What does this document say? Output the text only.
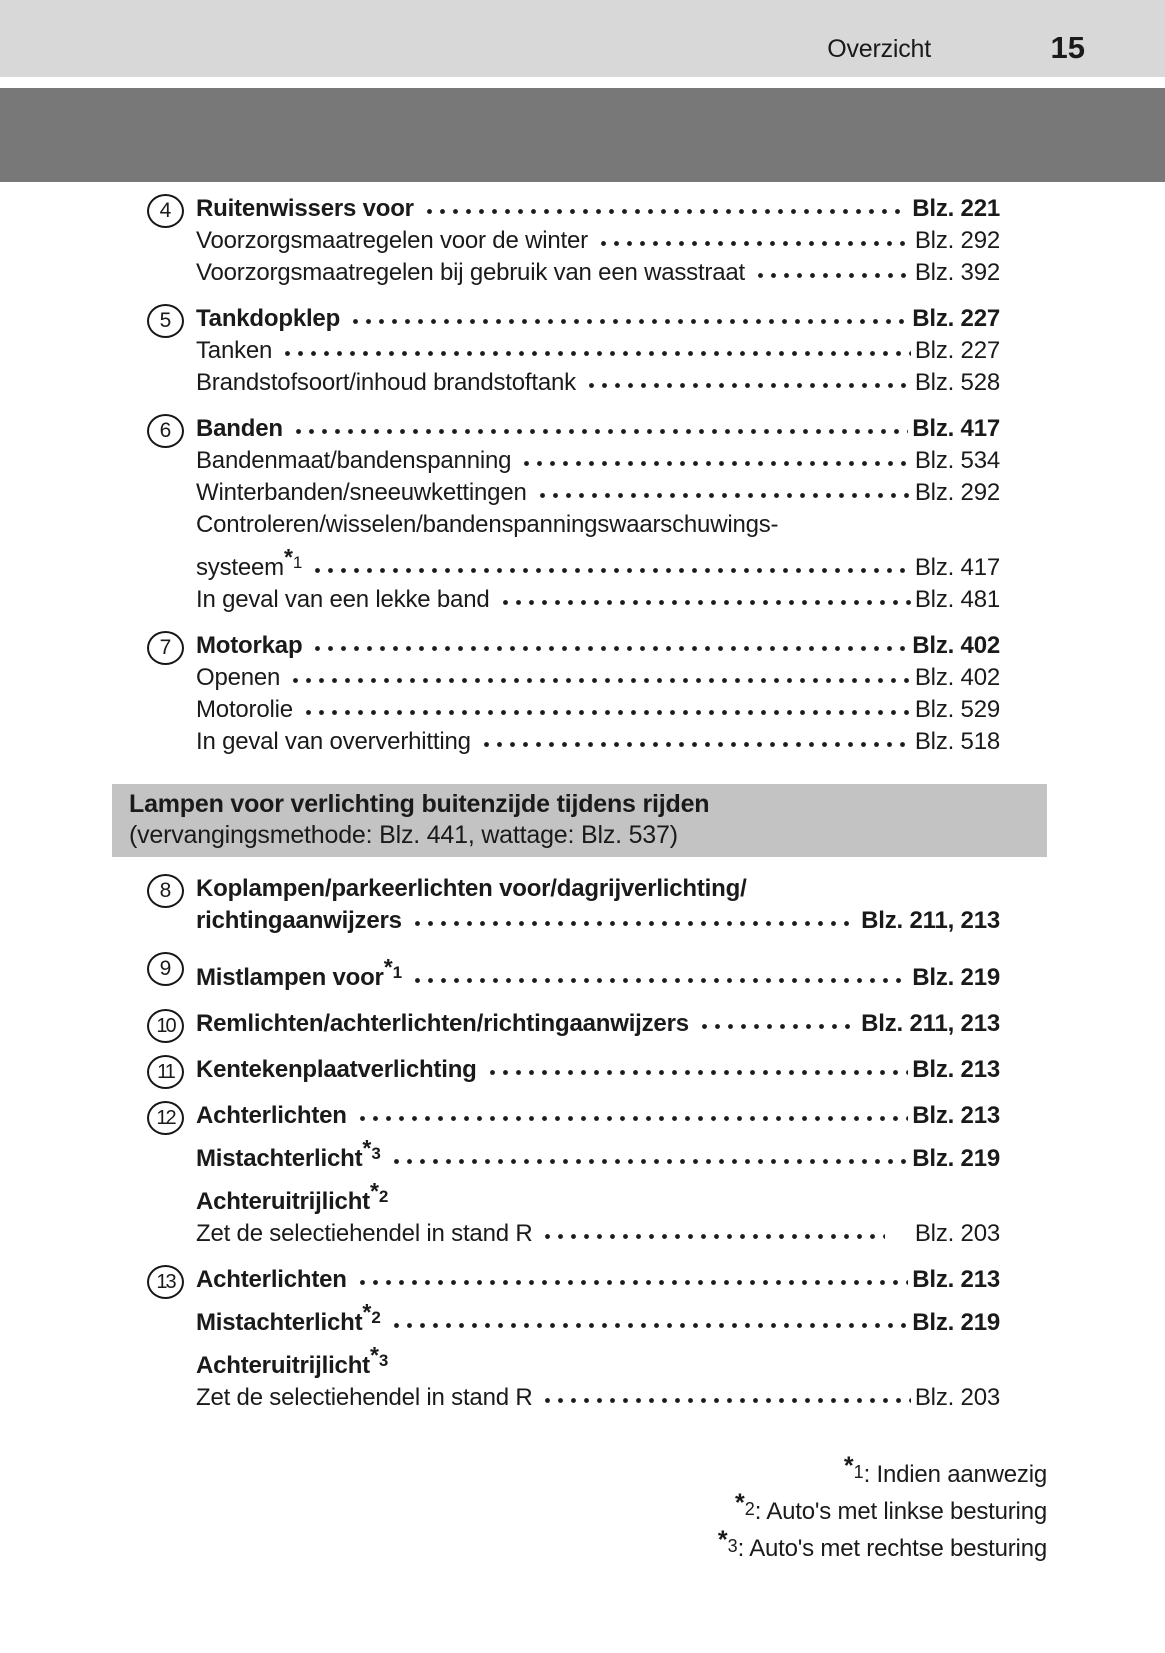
Overzicht	15
4	Ruitenwissers voor	Blz. 221
Voorzorgsmaatregelen voor de winter	Blz. 292
Voorzorgsmaatregelen bij gebruik van een wasstraat	Blz. 392
5	Tankdopklep	Blz. 227
Tanken	Blz. 227
Brandstofsoort/inhoud brandstoftank	Blz. 528
6	Banden	Blz. 417
Bandenmaat/bandenspanning	Blz. 534
Winterbanden/sneeuwkettingen	Blz. 292
Controleren/wisselen/bandenspanningswaarschuwings-
systeem *$^1$	Blz. 417
In geval van een lekke band	Blz. 481
7	Motorkap	Blz. 402
Openen	Blz. 402
Motorolie	Blz. 529
In geval van oververhitting	Blz. 518
Lampen voor verlichting buitenzijde tijdens rijden
(vervangingsmethode: Blz. 441, wattage: Blz. 537)
8	Koplampen/parkeerlichten voor/dagrijverlichting/
richtingaanwijzers	Blz. 211, 213
9	Mistlampen voor *$^1$	Blz. 219
10 Remlichten/achterlichten/richtingaanwijzers	Blz. 211, 213
11 Kentekenplaatverlichting	Blz. 213
12 Achterlichten	Blz. 213
Mistachterlicht *$^3$	Blz. 219
Achteruitrijlicht *$^2$
Zet de selectiehendel in stand R	Blz. 203
13 Achterlichten	Blz. 213
Mistachterlicht *$^2$	Blz. 219
Achteruitrijlicht *$^3$
Zet de selectiehendel in stand R	Blz. 203
*1: Indien aanwezig
*2: Auto's met linkse besturing
*3: Auto's met rechtse besturing
